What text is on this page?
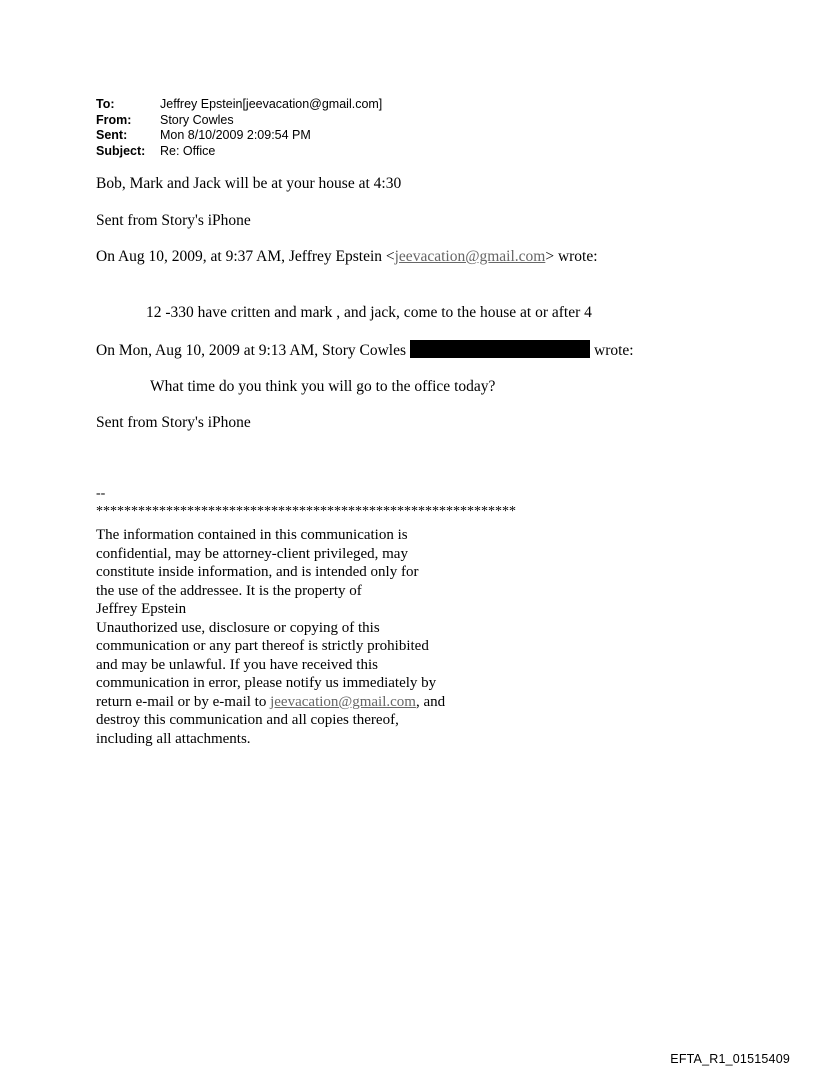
To:	Jeffrey Epstein[jeevacation@gmail.com]
From:	Story Cowles
Sent:	Mon 8/10/2009 2:09:54 PM
Subject:	Re: Office
Bob, Mark and Jack will be at your house at 4:30
Sent from Story's iPhone
On Aug 10, 2009, at 9:37 AM, Jeffrey Epstein <jeevacation@gmail.com> wrote:
12 -330 have critten and mark , and jack, come to the house at or after 4
On Mon, Aug 10, 2009 at 9:13 AM, Story Cowles	wrote:
What time do you think you will go to the office today?
Sent from Story's iPhone
--
************************************************************
The information contained in this communication is
confidential, may be attorney-client privileged, may
constitute inside information, and is intended only for
the use of the addressee. It is the property of
Jeffrey Epstein
Unauthorized use, disclosure or copying of this
communication or any part thereof is strictly prohibited
and may be unlawful. If you have received this
communication in error, please notify us immediately by
return e-mail or by e-mail to jeevacation@gmail.com, and
destroy this communication and all copies thereof,
including all attachments.
EFTA_R1_01515409
